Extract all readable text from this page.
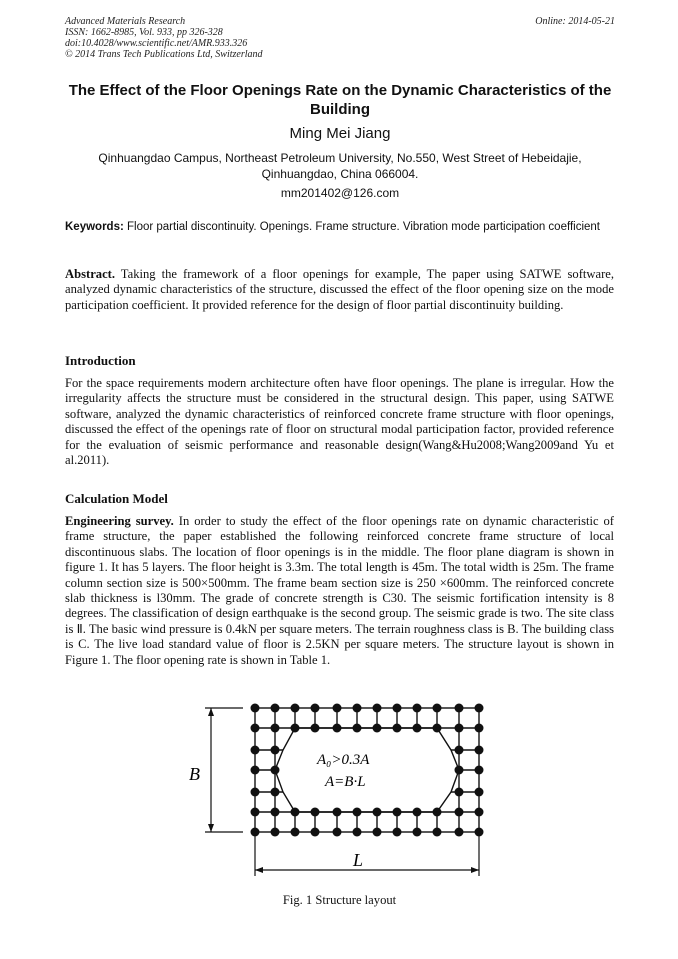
Advanced Materials Research
ISSN: 1662-8985, Vol. 933, pp 326-328
doi:10.4028/www.scientific.net/AMR.933.326
© 2014 Trans Tech Publications Ltd, Switzerland
Online: 2014-05-21
The Effect of the Floor Openings Rate on the Dynamic Characteristics of the Building
Ming Mei Jiang
Qinhuangdao Campus, Northeast Petroleum University, No.550, West Street of Hebeidajie, Qinhuangdao, China 066004.
mm201402@126.com
Keywords: Floor partial discontinuity. Openings. Frame structure. Vibration mode participation coefficient
Abstract. Taking the framework of a floor openings for example, The paper using SATWE software, analyzed dynamic characteristics of the structure, discussed the effect of the floor opening size on the mode participation coefficient. It provided reference for the design of floor partial discontinuity building.
Introduction
For the space requirements modern architecture often have floor openings. The plane is irregular. How the irregularity affects the structure must be considered in the structural design. This paper, using SATWE software, analyzed the dynamic characteristics of reinforced concrete frame structure with floor openings, discussed the effect of the openings rate of floor on structural modal participation factor, provided reference for the evaluation of seismic performance and reasonable design(Wang&Hu2008;Wang2009and Yu et al.2011).
Calculation Model
Engineering survey. In order to study the effect of the floor openings rate on dynamic characteristic of frame structure, the paper established the following reinforced concrete frame structure of local discontinuous slabs. The location of floor openings is in the middle. The floor plane diagram is shown in figure 1. It has 5 layers. The floor height is 3.3m. The total length is 45m. The total width is 25m. The frame column section size is 500×500mm. The frame beam section size is 250 ×600mm. The reinforced concrete slab thickness is l30mm. The grade of concrete strength is C30. The seismic fortification intensity is 8 degrees. The classification of design earthquake is the second group. The seismic grade is two. The site class is Ⅱ. The basic wind pressure is 0.4kN per square meters. The terrain roughness class is B. The building class is C. The live load standard value of floor is 2.5KN per square meters. The structure layout is shown in Figure 1. The floor opening rate is shown in Table 1.
B
L
A₀>0.3A
A=B·L
Fig. 1 Structure layout
